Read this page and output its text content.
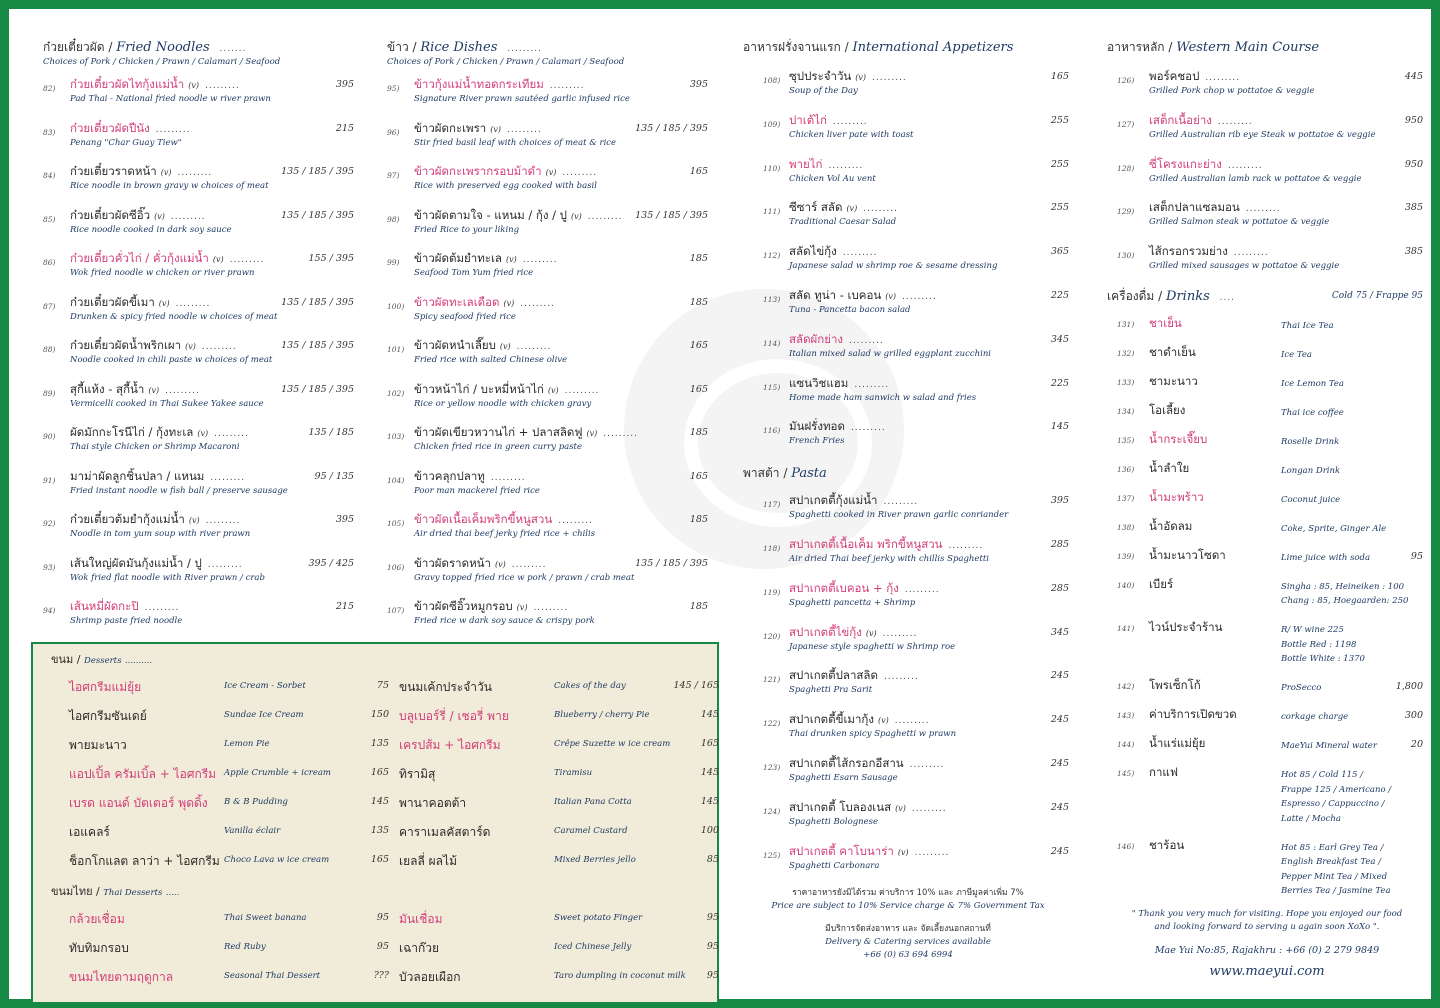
ก๋วยเตี๋ยวผัด / Fried Noodles .......
Choices of Pork / Chicken / Prawn / Calamari / Seafood
82) ก๋วยเตี๋ยวผัดไทกุ้งแม่น้ำ (v) .........	395
Pad Thai - National fried noodle w river prawn
83) ก๋วยเตี๋ยวผัดปีนัง .........	215
Penang "Char Guay Tiew"
84) ก๋วยเตี๋ยวราดหน้า (v) .........	135 / 185 / 395
Rice noodle in brown gravy w choices of meat
85) ก๋วยเตี๋ยวผัดซีอิ๊ว (v) .........	135 / 185 / 395
Rice noodle cooked in dark soy sauce
86) ก๋วยเตี๋ยวคั่วไก่ / คั่วกุ้งแม่น้ำ (v) .........	155 / 395
Wok fried noodle w chicken or river prawn
87) ก๋วยเตี๋ยวผัดขี้เมา (v) .........	135 / 185 / 395
Drunken & spicy fried noodle w choices of meat
88) ก๋วยเตี๋ยวผัดน้ำพริกเผา (v) .........	135 / 185 / 395
Noodle cooked in chili paste w choices of meat
89) สุกี้แห้ง - สุกี้น้ำ (v) .........	135 / 185 / 395
Vermicelli cooked in Thai Sukee Yakee sauce
90) ผัดมักกะโรนีไก่ / กุ้งทะเล (v) .........	135 / 185
Thai style Chicken or Shrimp Macaroni
91) มาม่าผัดลูกชิ้นปลา / แหนม .........	95 / 135
Fried instant noodle w fish ball / preserve sausage
92) ก๋วยเตี๋ยวต้มยำกุ้งแม่น้ำ (v) .........	395
Noodle in tom yum soup with river prawn
93) เส้นใหญ่ผัดมันกุ้งแม่น้ำ / ปู .........	395 / 425
Wok fried flat noodle with River prawn / crab
94) เส้นหมี่ผัดกะปิ .........	215
Shrimp paste fried noodle
ข้าว / Rice Dishes .........
Choices of Pork / Chicken / Prawn / Calamari / Seafood
95) ข้าวกุ้งแม่น้ำทอดกระเทียม .........	395
Signature River prawn sautéed garlic infused rice
96) ข้าวผัดกะเพรา (v) .........	135 / 185 / 395
Stir fried basil leaf with choices of meat & rice
97) ข้าวผัดกะเพรากรอบม้าดำ (v) .........	165
Rice with preserved egg cooked with basil
98) ข้าวผัดตามใจ - แหนม / กุ้ง / ปู (v) ......... 135 / 185 / 395
Fried Rice to your liking
99) ข้าวผัดต้มยำทะเล (v) .........	185
Seafood Tom Yum fried rice
100) ข้าวผัดทะเลเดือด (v) .........	185
Spicy seafood fried rice
101) ข้าวผัดหนำเลี๊ยบ (v) .........	165
Fried rice with salted Chinese olive
102) ข้าวหน้าไก่ / บะหมี่หน้าไก่ (v) .........	165
Rice or yellow noodle with chicken gravy
103) ข้าวผัดเขียวหวานไก่ + ปลาสลิดฟู (v) .........	185
Chicken fried rice in green curry paste
104) ข้าวคลุกปลาทู .........	165
Poor man mackerel fried rice
105) ข้าวผัดเนื้อเค็มพริกขี้หนูสวน .........	185
Air dried thai beef jerky fried rice + chilis
106) ข้าวผัดราดหน้า (v) .........	135 / 185 / 395
Gravy topped fried rice w pork / prawn / crab meat
107) ข้าวผัดซีอิ๊วหมูกรอบ (v) .........	185
Fried rice w dark soy sauce & crispy pork
อาหารฝรั่งจานแรก / International Appetizers
108) ซุปประจำวัน (v) .........	165
Soup of the Day
109) ปาเต้ไก่ .........	255
Chicken liver pate with toast
110) พายไก่ .........	255
Chicken Vol Au vent
111) ซีซาร์ สลัด (v) .........	255
Traditional Caesar Salad
112) สลัดไข่กุ้ง .........	365
Japanese salad w shrimp roe & sesame dressing
113) สลัด ทูน่า - เบคอน (v) .........	225
Tuna - Pancetta bacon salad
114) สลัดผักย่าง .........	345
Italian mixed salad w grilled eggplant zucchini
115) แซนวิชแฮม .........	225
Home made ham sanwich w salad and fries
116) มันฝรั่งทอด .........	145
French Fries
พาสต้า / Pasta
117) สปาเกตตี้กุ้งแม่น้ำ .........	395
Spaghetti cooked in River prawn garlic conriander
118) สปาเกตตี้เนื้อเค็ม พริกขี้หนูสวน .........	285
Air dried Thai beef jerky with chillis Spaghetti
119) สปาเกตตี้เบคอน + กุ้ง .........	285
Spaghetti pancetta + Shrimp
120) สปาเกตตี้ไข่กุ้ง (v) .........	345
Japanese style spaghetti w Shrimp roe
121) สปาเกตตี้ปลาสลิด .........	245
Spaghetti Pra Sarit
122) สปาเกตตี้ขี้เมากุ้ง (v) .........	245
Thai drunken spicy Spaghetti w prawn
123) สปาเกตตี้ไส้กรอกอีสาน .........	245
Spaghetti Esarn Sausage
124) สปาเกตตี้ โบลองเนส (v) .........	245
Spaghetti Bolognese
125) สปาเกตตี้ คาโบนาร่า (v) .........	245
Spaghetti Carbonara
ราคาอาหารยังมิได้รวม ค่าบริการ 10% และ ภาษีมูลค่าเพิ่ม 7%
Price are subject to 10% Service charge & 7% Government Tax
มีบริการจัดส่งอาหาร และ จัดเลี้ยงนอกสถานที่
Delivery & Catering services available
+66 (0) 63 694 6994
อาหารหลัก / Western Main Course
126) พอร์คชอป .........	445
Grilled Pork chop w pottatoe & veggie
127) เสต็กเนื้อย่าง .........	950
Grilled Australian rib eye Steak w pottatoe & veggie
128) ซี่โครงแกะย่าง .........	950
Grilled Australian lamb rack w pottatoe & veggie
129) เสต็กปลาแซลมอน .........	385
Grilled Salmon steak w pottatoe & veggie
130) ไส้กรอกรวมย่าง .........	385
Grilled mixed sausages w pottatoe & veggie
เครื่องดื่ม / Drinks ....	Cold 75 / Frappe 95
131) ชาเย็น	Thai Ice Tea
132) ชาดำเย็น	Ice Tea
133) ชามะนาว	Ice Lemon Tea
134) โอเลี้ยง	Thai ice coffee
135) น้ำกระเจี๊ยบ	Roselle Drink
136) น้ำลำใย	Longan Drink
137) น้ำมะพร้าว	Coconut juice
138) น้ำอัดลม	Coke, Sprite, Ginger Ale
139) น้ำมะนาวโซดา	Lime juice with soda	95
140) เบียร์	Singha : 85, Heineiken : 100
Chang : 85, Hoegaarden: 250
141) ไวน์ประจำร้าน	R/ W wine 225
Bottle Red : 1198
Bottle White : 1370
142) โพรเซ็กโก้	ProSecco	1,800
143) ค่าบริการเปิดขวด	corkage charge	300
144) น้ำแร่แม่ยุ้ย	MaeYui Mineral water	20
145) กาแฟ	Hot 85 / Cold 115 /
Frappe 125 / Americano /
Espresso / Cappuccino /
Latte / Mocha
146) ชาร้อน	Hot 85 : Earl Grey Tea /
English Breakfast Tea /
Pepper Mint Tea / Mixed
Berries Tea / Jasmine Tea
" Thank you very much for visiting. Hope you enjoyed our food
and looking forward to serving u again soon XoXo ".
Mae Yui No:85, Rajakhru : +66 (0) 2 279 9849
www.maeyui.com
ขนม / Desserts ..........
ไอศกรีมแม่ยุ้ย	Ice Cream - Sorbet	75
ไอศกรีมซันเดย์	Sundae Ice Cream	150
พายมะนาว	Lemon Pie	135
แอปเปิ้ล ครัมเบิ้ล + ไอศกรีม Apple Crumble + icream	165
เบรด แอนด์ บัตเตอร์ พุดดิ้ง B & B Pudding	145
เอแคลร์	Vanilla éclair	135
ช็อกโกแลต ลาว่า + ไอศกรีม Choco Lava w ice cream	165
ขนมเค้กประจำวัน	Cakes of the day	145 / 165
บลูเบอร์รี่ / เชอรี่ พาย	Blueberry / cherry Pie	145
เครปส้ม + ไอศกรีม	Crêpe Suzette w ice cream	165
ทิรามิสุ	Tiramisu	145
พานาคอตต้า	Italian Pana Cotta	145
คาราเมลคัสตาร์ด	Caramel Custard	100
เยลลี่ ผลไม้	Mixed Berries jello	85
ขนมไทย / Thai Desserts .....
กล้วยเชื่อม	Thai Sweet banana	95
ทับทิมกรอบ	Red Ruby	95
ขนมไทยตามฤดูกาล	Seasonal Thai Dessert	???
มันเชื่อม	Sweet potato Finger	95
เฉาก๊วย	Iced Chinese Jelly	95
บัวลอยเผือก	Taro dumpling in coconut milk 95
